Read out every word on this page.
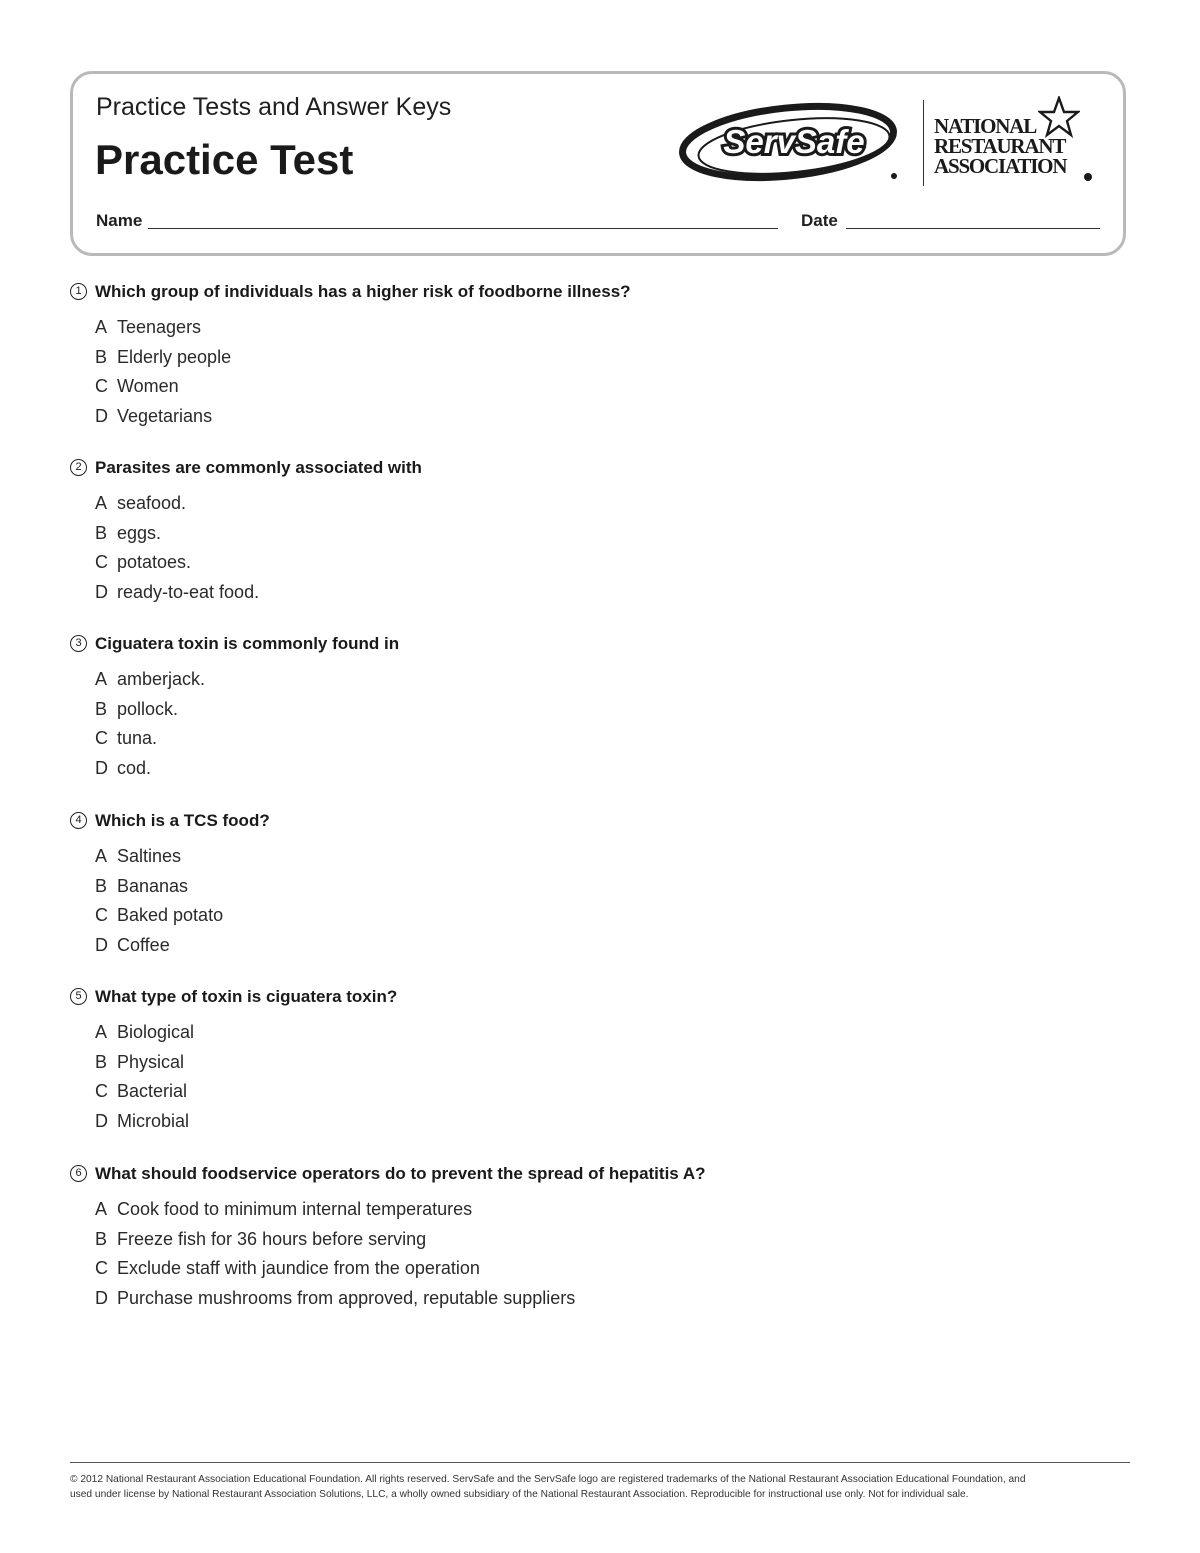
Practice Tests and Answer Keys
Practice Test
Name	Date
ServSafe	NATIONAL
RESTAURANT
ASSOCIATION
1 Which group of individuals has a higher risk of foodborne illness?
A Teenagers
B Elderly people
C Women
D Vegetarians
2 Parasites are commonly associated with
A seafood.
B eggs.
C potatoes.
D ready-to-eat food.
3 Ciguatera toxin is commonly found in
A amberjack.
B pollock.
C tuna.
D cod.
4 Which is a TCS food?
A Saltines
B Bananas
C Baked potato
D Coffee
5 What type of toxin is ciguatera toxin?
A Biological
B Physical
C Bacterial
D Microbial
6 What should foodservice operators do to prevent the spread of hepatitis A?
A Cook food to minimum internal temperatures
B Freeze fish for 36 hours before serving
C Exclude staff with jaundice from the operation
D Purchase mushrooms from approved, reputable suppliers
© 2012 National Restaurant Association Educational Foundation. All rights reserved. ServSafe and the ServSafe logo are registered trademarks of the National Restaurant Association Educational Foundation, and
used under license by National Restaurant Association Solutions, LLC, a wholly owned subsidiary of the National Restaurant Association. Reproducible for instructional use only. Not for individual sale.
